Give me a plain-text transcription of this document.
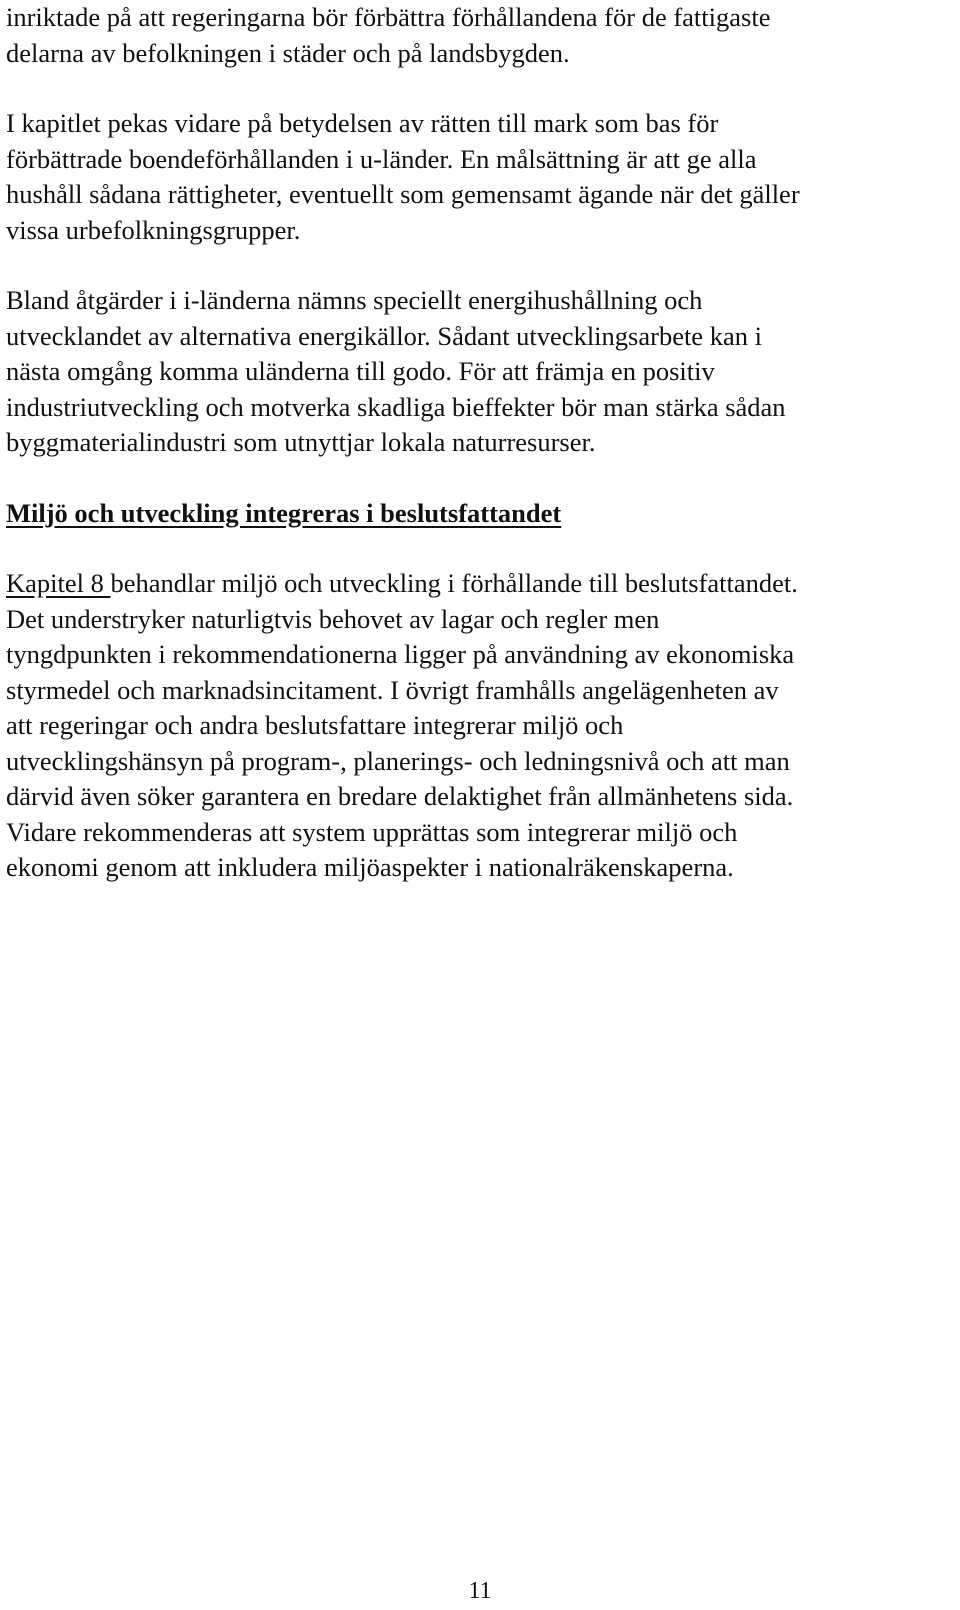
inriktade på att regeringarna bör förbättra förhållandena för de fattigaste
delarna av befolkningen i städer och på landsbygden.
I kapitlet pekas vidare på betydelsen av rätten till mark som bas för
förbättrade boendeförhållanden i u-länder. En målsättning är att ge alla
hushåll sådana rättigheter, eventuellt som gemensamt ägande när det gäller
vissa urbefolkningsgrupper.
Bland åtgärder i i-länderna nämns speciellt energihushållning och
utvecklandet av alternativa energikällor. Sådant utvecklingsarbete kan i
nästa omgång komma uländerna till godo. För att främja en positiv
industriutveckling och motverka skadliga bieffekter bör man stärka sådan
byggmaterialindustri som utnyttjar lokala naturresurser.
Miljö och utveckling integreras i beslutsfattandet
Kapitel 8 behandlar miljö och utveckling i förhållande till beslutsfattandet.
Det understryker naturligtvis behovet av lagar och regler men
tyngdpunkten i rekommendationerna ligger på användning av ekonomiska
styrmedel och marknadsincitament. I övrigt framhålls angelägenheten av
att regeringar och andra beslutsfattare integrerar miljö och
utvecklingshänsyn på program-, planerings- och ledningsnivå och att man
därvid även söker garantera en bredare delaktighet från allmänhetens sida.
Vidare rekommenderas att system upprättas som integrerar miljö och
ekonomi genom att inkludera miljöaspekter i nationalräkenskaperna.
11
